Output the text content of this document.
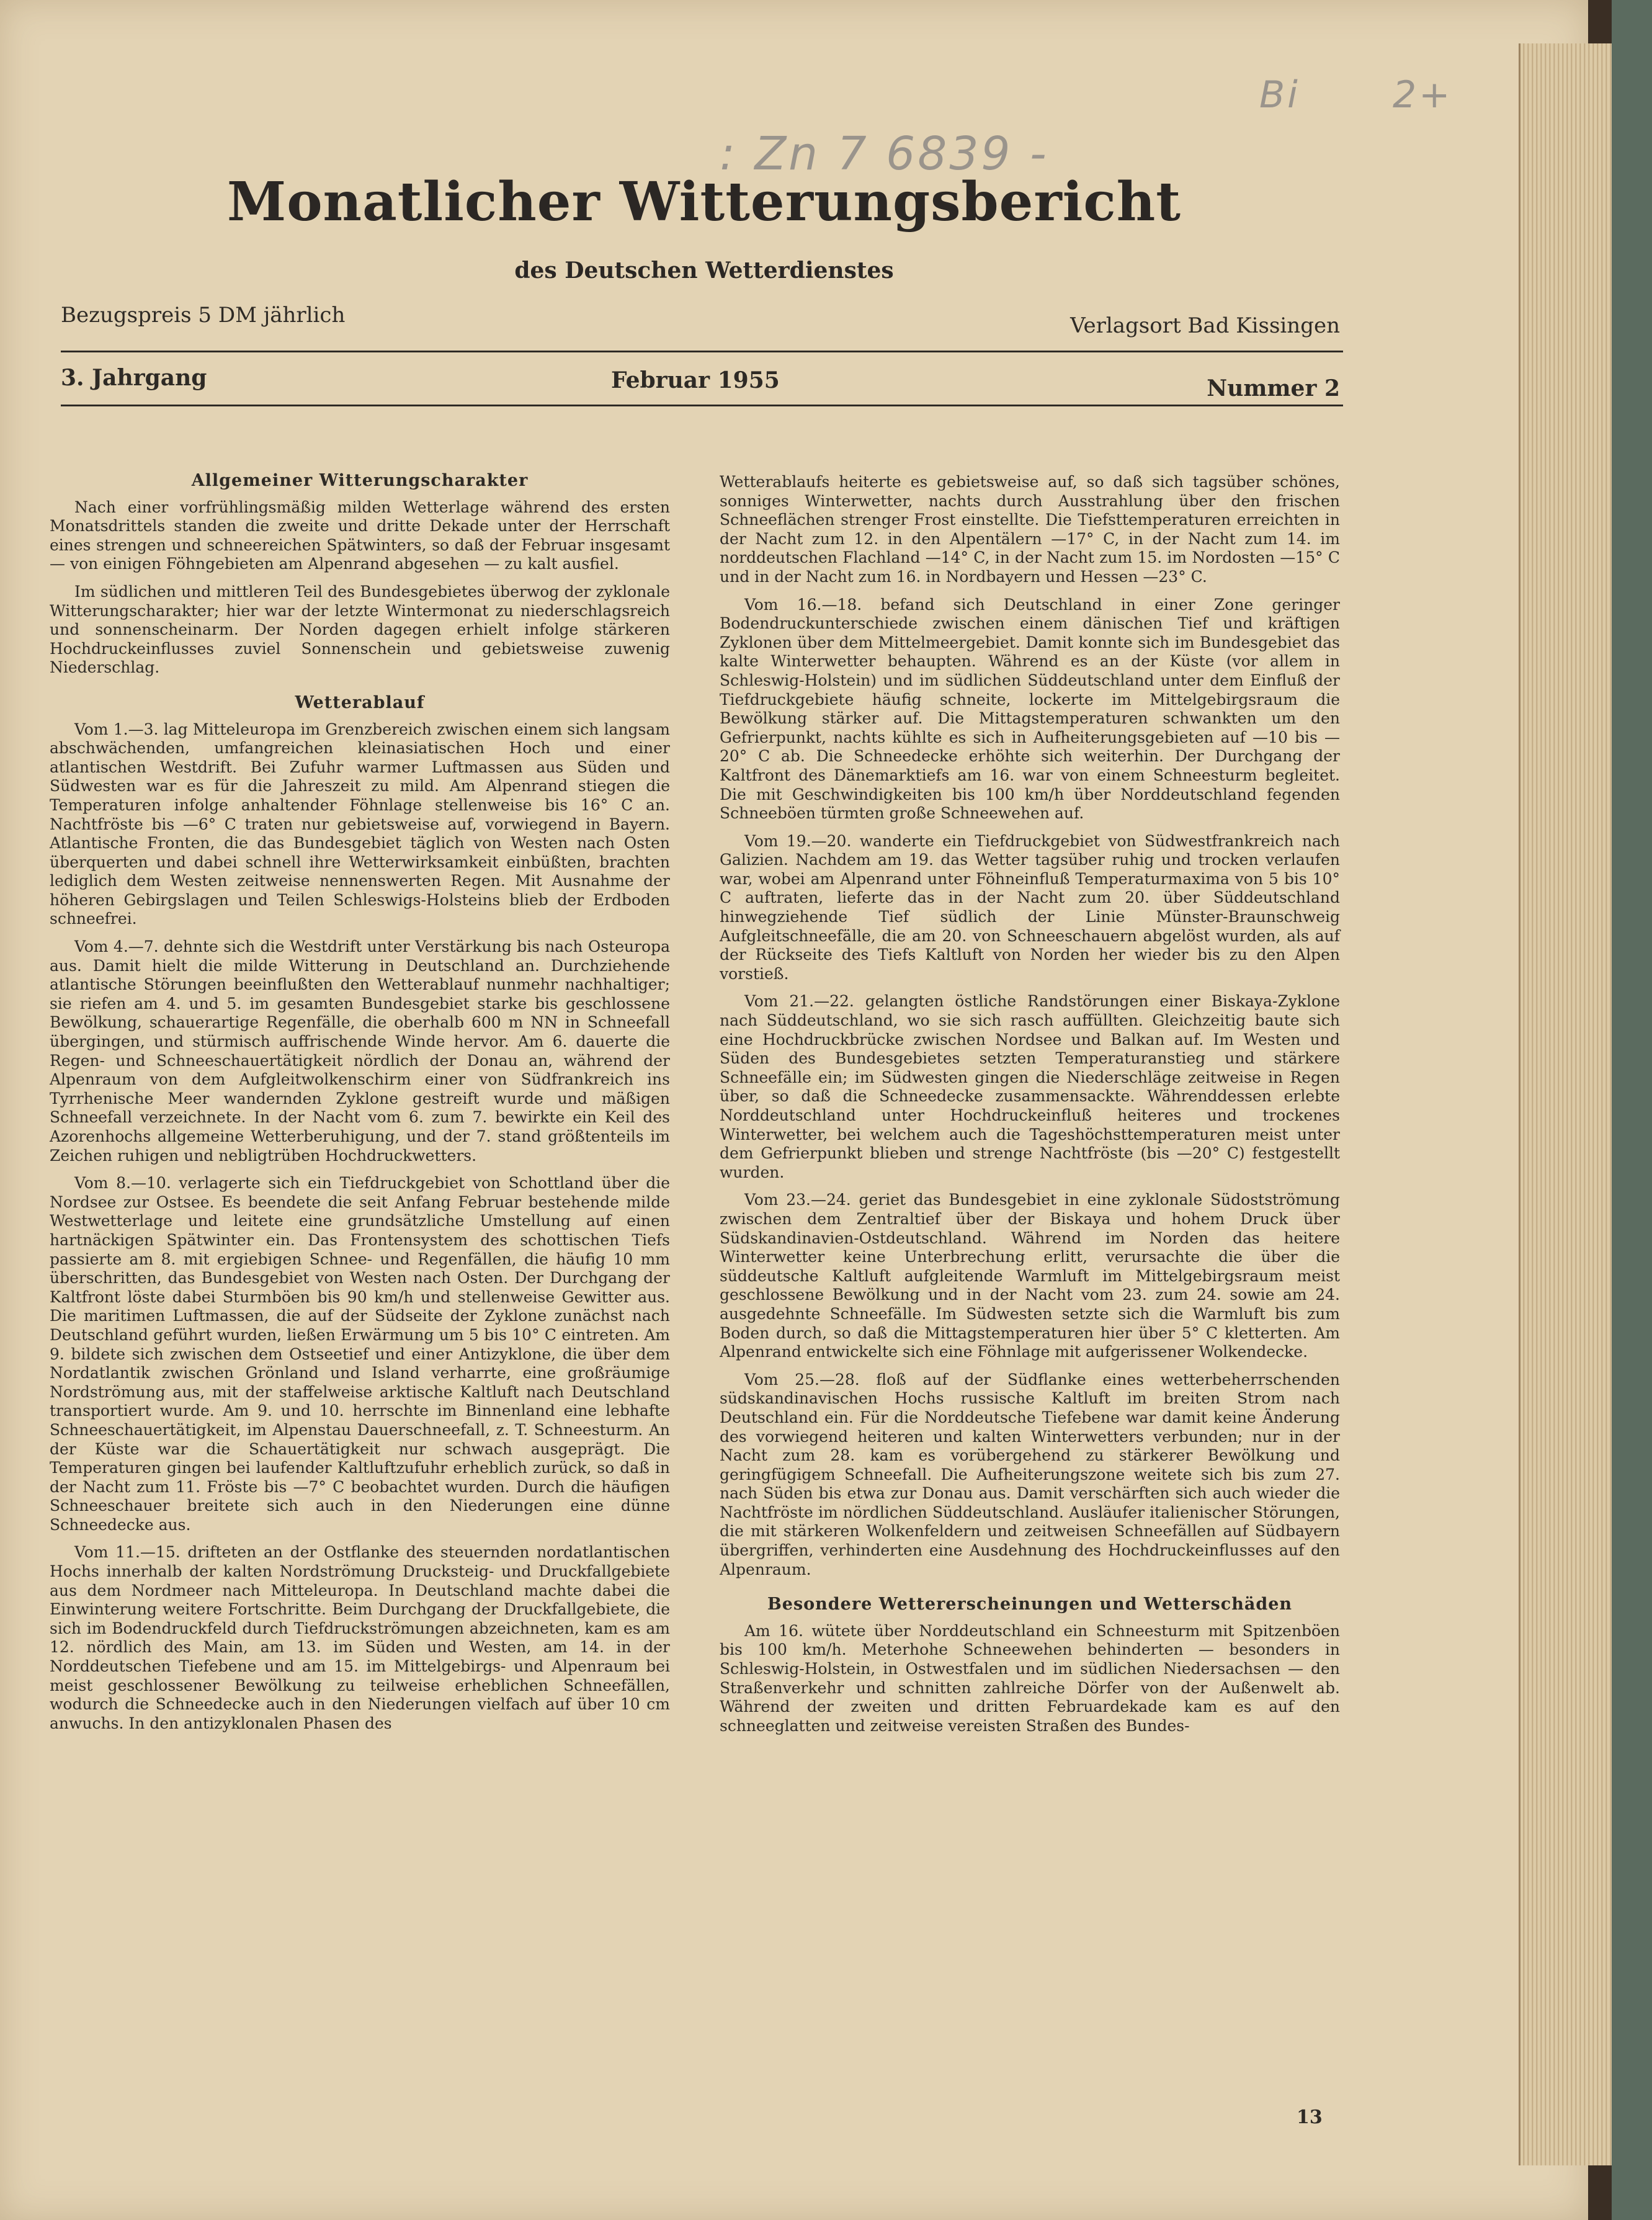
: Zn 7 6839 -
Bi 2+
Monatlicher Witterungsbericht
des Deutschen Wetterdienstes
Bezugspreis 5 DM jährlich	Verlagsort Bad Kissingen
3. Jahrgang	Februar 1955	Nummer 2
Allgemeiner Witterungscharakter

Nach einer vorfrühlingsmäßig milden Wetterlage während des ersten Monatsdrittels standen die zweite und dritte Dekade unter der Herrschaft eines strengen und schneereichen Spätwinters, so daß der Februar insgesamt — von einigen Föhngebieten am Alpenrand abgesehen — zu kalt ausfiel.

Im südlichen und mittleren Teil des Bundesgebietes überwog der zyklonale Witterungscharakter; hier war der letzte Wintermonat zu niederschlagsreich und sonnenscheinarm. Der Norden dagegen erhielt infolge stärkeren Hochdruckeinflusses zuviel Sonnenschein und gebietsweise zuwenig Niederschlag.

Wetterablauf

Vom 1.—3. lag Mitteleuropa im Grenzbereich zwischen einem sich langsam abschwächenden, umfangreichen kleinasiatischen Hoch und einer atlantischen Westdrift. Bei Zufuhr warmer Luftmassen aus Süden und Südwesten war es für die Jahreszeit zu mild. Am Alpenrand stiegen die Temperaturen infolge anhaltender Föhnlage stellenweise bis 16° C an. Nachtfröste bis —6° C traten nur gebietsweise auf, vorwiegend in Bayern. Atlantische Fronten, die das Bundesgebiet täglich von Westen nach Osten überquerten und dabei schnell ihre Wetterwirksamkeit einbüßten, brachten lediglich dem Westen zeitweise nennenswerten Regen. Mit Ausnahme der höheren Gebirgslagen und Teilen Schleswigs-Holsteins blieb der Erdboden schneefrei.

Vom 4.—7. dehnte sich die Westdrift unter Verstärkung bis nach Osteuropa aus. Damit hielt die milde Witterung in Deutschland an. Durchziehende atlantische Störungen beeinflußten den Wetterablauf nunmehr nachhaltiger; sie riefen am 4. und 5. im gesamten Bundesgebiet starke bis geschlossene Bewölkung, schauerartige Regenfälle, die oberhalb 600 m NN in Schneefall übergingen, und stürmisch auffrischende Winde hervor. Am 6. dauerte die Regen- und Schneeschauertätigkeit nördlich der Donau an, während der Alpenraum von dem Aufgleitwolkenschirm einer von Südfrankreich ins Tyrrhenische Meer wandernden Zyklone gestreift wurde und mäßigen Schneefall verzeichnete. In der Nacht vom 6. zum 7. bewirkte ein Keil des Azorenhochs allgemeine Wetterberuhigung, und der 7. stand größtenteils im Zeichen ruhigen und nebligtrüben Hochdruckwetters.

Vom 8.—10. verlagerte sich ein Tiefdruckgebiet von Schottland über die Nordsee zur Ostsee. Es beendete die seit Anfang Februar bestehende milde Westwetterlage und leitete eine grundsätzliche Umstellung auf einen hartnäckigen Spätwinter ein. Das Frontensystem des schottischen Tiefs passierte am 8. mit ergiebigen Schnee- und Regenfällen, die häufig 10 mm überschritten, das Bundesgebiet von Westen nach Osten. Der Durchgang der Kaltfront löste dabei Sturmböen bis 90 km/h und stellenweise Gewitter aus. Die maritimen Luftmassen, die auf der Südseite der Zyklone zunächst nach Deutschland geführt wurden, ließen Erwärmung um 5 bis 10° C eintreten. Am 9. bildete sich zwischen dem Ostseetief und einer Antizyklone, die über dem Nordatlantik zwischen Grönland und Island verharrte, eine großräumige Nordströmung aus, mit der staffelweise arktische Kaltluft nach Deutschland transportiert wurde. Am 9. und 10. herrschte im Binnenland eine lebhafte Schneeschauertätigkeit, im Alpenstau Dauerschneefall, z. T. Schneesturm. An der Küste war die Schauertätigkeit nur schwach ausgeprägt. Die Temperaturen gingen bei laufender Kaltluftzufuhr erheblich zurück, so daß in der Nacht zum 11. Fröste bis —7° C beobachtet wurden. Durch die häufigen Schneeschauer breitete sich auch in den Niederungen eine dünne Schneedecke aus.

Vom 11.—15. drifteten an der Ostflanke des steuernden nordatlantischen Hochs innerhalb der kalten Nordströmung Drucksteig- und Druckfallgebiete aus dem Nordmeer nach Mitteleuropa. In Deutschland machte dabei die Einwinterung weitere Fortschritte. Beim Durchgang der Druckfallgebiete, die sich im Bodendruckfeld durch Tiefdruckströmungen abzeichneten, kam es am 12. nördlich des Main, am 13. im Süden und Westen, am 14. in der Norddeutschen Tiefebene und am 15. im Mittelgebirgs- und Alpenraum bei meist geschlossener Bewölkung zu teilweise erheblichen Schneefällen, wodurch die Schneedecke auch in den Niederungen vielfach auf über 10 cm anwuchs. In den antizyklonalen Phasen des

Wetterablaufs heiterte es gebietsweise auf, so daß sich tagsüber schönes, sonniges Winterwetter, nachts durch Ausstrahlung über den frischen Schneeflächen strenger Frost einstellte. Die Tiefsttemperaturen erreichten in der Nacht zum 12. in den Alpentälern —17° C, in der Nacht zum 14. im norddeutschen Flachland —14° C, in der Nacht zum 15. im Nordosten —15° C und in der Nacht zum 16. in Nordbayern und Hessen —23° C.

Vom 16.—18. befand sich Deutschland in einer Zone geringer Bodendruckunterschiede zwischen einem dänischen Tief und kräftigen Zyklonen über dem Mittelmeergebiet. Damit konnte sich im Bundesgebiet das kalte Winterwetter behaupten. Während es an der Küste (vor allem in Schleswig-Holstein) und im südlichen Süddeutschland unter dem Einfluß der Tiefdruckgebiete häufig schneite, lockerte im Mittelgebirgsraum die Bewölkung stärker auf. Die Mittagstemperaturen schwankten um den Gefrierpunkt, nachts kühlte es sich in Aufheiterungsgebieten auf —10 bis —20° C ab. Die Schneedecke erhöhte sich weiterhin. Der Durchgang der Kaltfront des Dänemarktiefs am 16. war von einem Schneesturm begleitet. Die mit Geschwindigkeiten bis 100 km/h über Norddeutschland fegenden Schneeböen türmten große Schneewehen auf.

Vom 19.—20. wanderte ein Tiefdruckgebiet von Südwestfrankreich nach Galizien. Nachdem am 19. das Wetter tagsüber ruhig und trocken verlaufen war, wobei am Alpenrand unter Föhneinfluß Temperaturmaxima von 5 bis 10° C auftraten, lieferte das in der Nacht zum 20. über Süddeutschland hinwegziehende Tief südlich der Linie Münster-Braunschweig Aufgleitschneefälle, die am 20. von Schneeschauern abgelöst wurden, als auf der Rückseite des Tiefs Kaltluft von Norden her wieder bis zu den Alpen vorstieß.

Vom 21.—22. gelangten östliche Randstörungen einer Biskaya-Zyklone nach Süddeutschland, wo sie sich rasch auffüllten. Gleichzeitig baute sich eine Hochdruckbrücke zwischen Nordsee und Balkan auf. Im Westen und Süden des Bundesgebietes setzten Temperaturanstieg und stärkere Schneefälle ein; im Südwesten gingen die Niederschläge zeitweise in Regen über, so daß die Schneedecke zusammensackte. Währenddessen erlebte Norddeutschland unter Hochdruckeinfluß heiteres und trockenes Winterwetter, bei welchem auch die Tageshöchsttemperaturen meist unter dem Gefrierpunkt blieben und strenge Nachtfröste (bis —20° C) festgestellt wurden.

Vom 23.—24. geriet das Bundesgebiet in eine zyklonale Südostströmung zwischen dem Zentraltief über der Biskaya und hohem Druck über Südskandinavien-Ostdeutschland. Während im Norden das heitere Winterwetter keine Unterbrechung erlitt, verursachte die über die süddeutsche Kaltluft aufgleitende Warmluft im Mittelgebirgsraum meist geschlossene Bewölkung und in der Nacht vom 23. zum 24. sowie am 24. ausgedehnte Schneefälle. Im Südwesten setzte sich die Warmluft bis zum Boden durch, so daß die Mittagstemperaturen hier über 5° C kletterten. Am Alpenrand entwickelte sich eine Föhnlage mit aufgerissener Wolkendecke.

Vom 25.—28. floß auf der Südflanke eines wetterbeherrschenden südskandinavischen Hochs russische Kaltluft im breiten Strom nach Deutschland ein. Für die Norddeutsche Tiefebene war damit keine Änderung des vorwiegend heiteren und kalten Winterwetters verbunden; nur in der Nacht zum 28. kam es vorübergehend zu stärkerer Bewölkung und geringfügigem Schneefall. Die Aufheiterungszone weitete sich bis zum 27. nach Süden bis etwa zur Donau aus. Damit verschärften sich auch wieder die Nachtfröste im nördlichen Süddeutschland. Ausläufer italienischer Störungen, die mit stärkeren Wolkenfeldern und zeitweisen Schneefällen auf Südbayern übergriffen, verhinderten eine Ausdehnung des Hochdruckeinflusses auf den Alpenraum.

Besondere Wettererscheinungen und Wetterschäden

Am 16. wütete über Norddeutschland ein Schneesturm mit Spitzenböen bis 100 km/h. Meterhohe Schneewehen behinderten — besonders in Schleswig-Holstein, in Ostwestfalen und im südlichen Niedersachsen — den Straßenverkehr und schnitten zahlreiche Dörfer von der Außenwelt ab. Während der zweiten und dritten Februardekade kam es auf den schneeglatten und zeitweise vereisten Straßen des Bundes-

13
